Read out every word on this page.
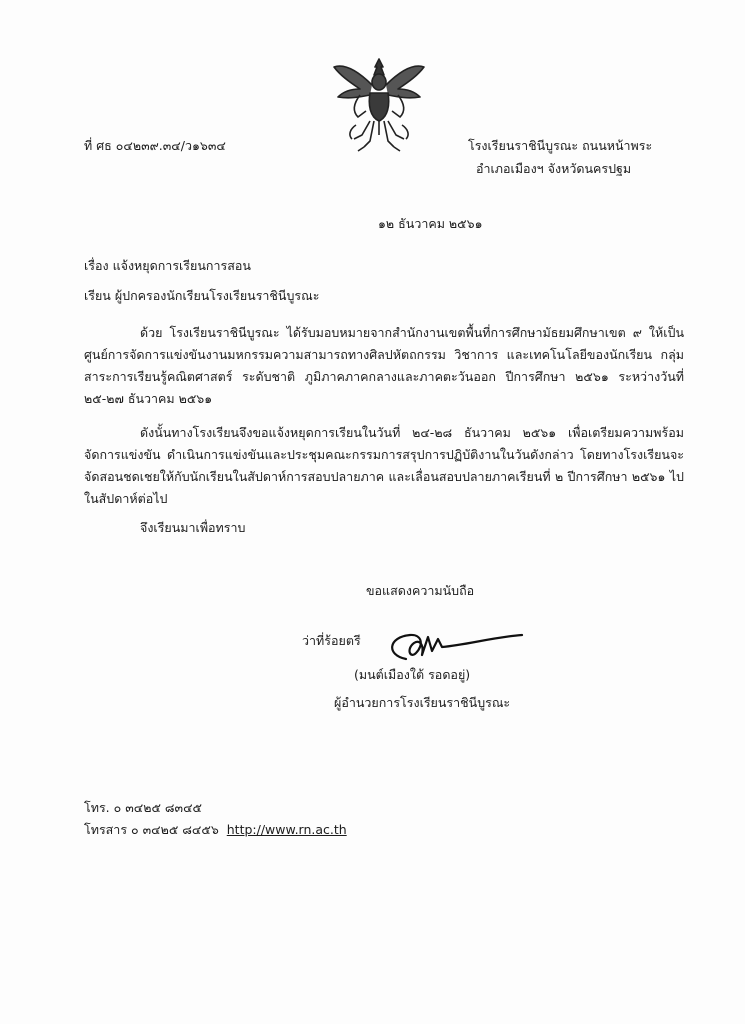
ที่ ศธ ๐๔๒๓๙.๓๔/ว๑๖๓๔	โรงเรียนราชินีบูรณะ ถนนหน้าพระ
อำเภอเมืองฯ จังหวัดนครปฐม
๑๒ ธันวาคม ๒๕๖๑
เรื่อง แจ้งหยุดการเรียนการสอน
เรียน ผู้ปกครองนักเรียนโรงเรียนราชินีบูรณะ

ด้วย โรงเรียนราชินีบูรณะ ได้รับมอบหมายจากสำนักงานเขตพื้นที่การศึกษามัธยมศึกษาเขต ๙ ให้เป็นศูนย์การจัดการแข่งขันงานมหกรรมความสามารถทางศิลปหัตถกรรม วิชาการ และเทคโนโลยีของนักเรียน กลุ่มสาระการเรียนรู้คณิตศาสตร์ ระดับชาติ ภูมิภาคภาคกลางและภาคตะวันออก ปีการศึกษา ๒๕๖๑ ระหว่างวันที่ ๒๕-๒๗ ธันวาคม ๒๕๖๑

ดังนั้นทางโรงเรียนจึงขอแจ้งหยุดการเรียนในวันที่ ๒๔-๒๘ ธันวาคม ๒๕๖๑ เพื่อเตรียมความพร้อมจัดการแข่งขัน ดำเนินการแข่งขันและประชุมคณะกรรมการสรุปการปฏิบัติงานในวันดังกล่าว โดยทางโรงเรียนจะจัดสอนชดเชยให้กับนักเรียนในสัปดาห์การสอบปลายภาค และเลื่อนสอบปลายภาคเรียนที่ ๒ ปีการศึกษา ๒๕๖๑ ไปในสัปดาห์ต่อไป

จึงเรียนมาเพื่อทราบ
ขอแสดงความนับถือ
ว่าที่ร้อยตรี
(มนต์เมืองใต้ รอดอยู่)
ผู้อำนวยการโรงเรียนราชินีบูรณะ
โทร. ๐ ๓๔๒๕ ๘๓๔๕
โทรสาร ๐ ๓๔๒๕ ๘๔๕๖ http://www.rn.ac.th
